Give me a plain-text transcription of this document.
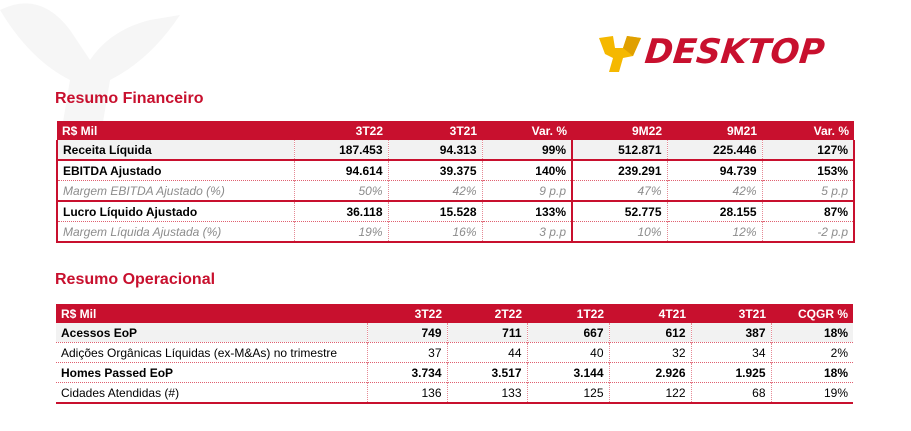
DESKTOP
Resumo Financeiro
R$ Mil	3T22	3T21	Var. %	9M22	9M21	Var. %
Receita Líquida	187.453	94.313	99%	512.871	225.446	127%
EBITDA Ajustado	94.614	39.375	140%	239.291	94.739	153%
Margem EBITDA Ajustado (%)	50%	42%	9 p.p	47%	42%	5 p.p
Lucro Líquido Ajustado	36.118	15.528	133%	52.775	28.155	87%
Margem Líquida Ajustada (%)	19%	16%	3 p.p	10%	12%	-2 p.p
Resumo Operacional
R$ Mil	3T22	2T22	1T22	4T21	3T21	CQGR %
Acessos EoP	749	711	667	612	387	18%
Adições Orgânicas Líquidas (ex-M&As) no trimestre	37	44	40	32	34	2%
Homes Passed EoP	3.734	3.517	3.144	2.926	1.925	18%
Cidades Atendidas (#)	136	133	125	122	68	19%
